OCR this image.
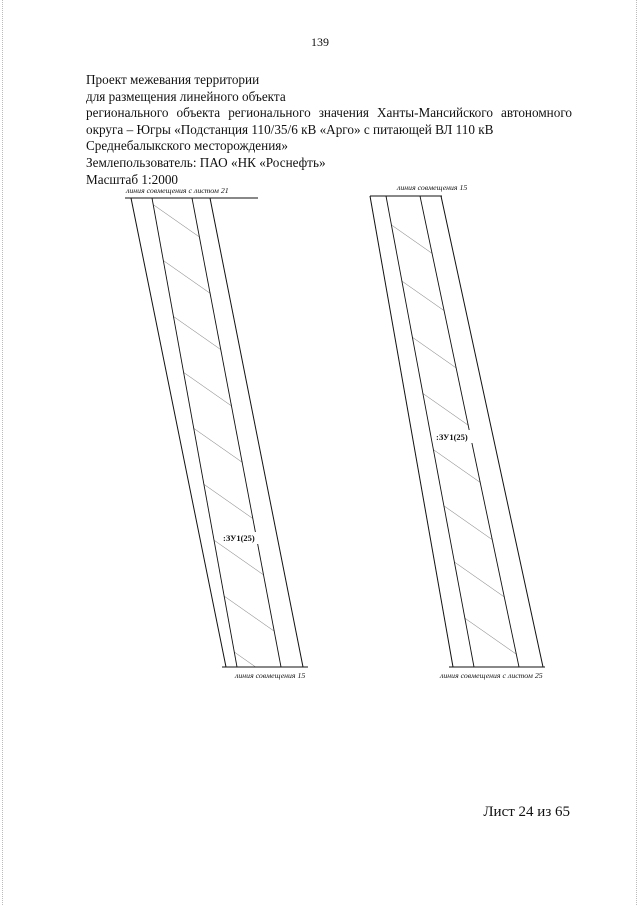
139
Проект межевания территории
для размещения линейного объекта
регионального объекта регионального значения Ханты-Мансийского автономного
округа – Югры «Подстанция 110/35/6 кВ «Арго» с питающей ВЛ 110 кВ
Среднебалыкского месторождения»
Землепользователь: ПАО «НК «Роснефть»
Масштаб 1:2000
линия совмещения с листом 21
:ЗУ1(25)
линия совмещения 15
линия совмещения 15
:ЗУ1(25)
линия совмещения с листом 25
Лист 24 из 65
